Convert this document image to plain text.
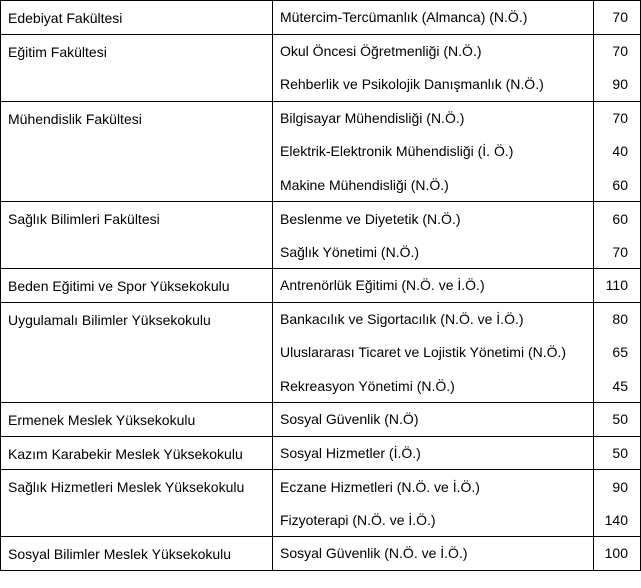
Edebiyat Fakültesi	Mütercim-Tercümanlık (Almanca) (N.Ö.)	70
Eğitim Fakültesi	Okul Öncesi Öğretmenliği (N.Ö.)	70
	Rehberlik ve Psikolojik Danışmanlık (N.Ö.)	90
Mühendislik Fakültesi	Bilgisayar Mühendisliği (N.Ö.)	70
	Elektrik-Elektronik Mühendisliği (İ. Ö.)	40
	Makine Mühendisliği (N.Ö.)	60
Sağlık Bilimleri Fakültesi	Beslenme ve Diyetetik (N.Ö.)	60
	Sağlık Yönetimi (N.Ö.)	70
Beden Eğitimi ve Spor Yüksekokulu	Antrenörlük Eğitimi (N.Ö. ve İ.Ö.)	110
Uygulamalı Bilimler Yüksekokulu	Bankacılık ve Sigortacılık (N.Ö. ve İ.Ö.)	80
	Uluslararası Ticaret ve Lojistik Yönetimi (N.Ö.)	65
	Rekreasyon Yönetimi (N.Ö.)	45
Ermenek Meslek Yüksekokulu	Sosyal Güvenlik (N.Ö)	50
Kazım Karabekir Meslek Yüksekokulu	Sosyal Hizmetler (İ.Ö.)	50
Sağlık Hizmetleri Meslek Yüksekokulu	Eczane Hizmetleri (N.Ö. ve İ.Ö.)	90
	Fizyoterapi (N.Ö. ve İ.Ö.)	140
Sosyal Bilimler Meslek Yüksekokulu	Sosyal Güvenlik (N.Ö. ve İ.Ö.)	100
